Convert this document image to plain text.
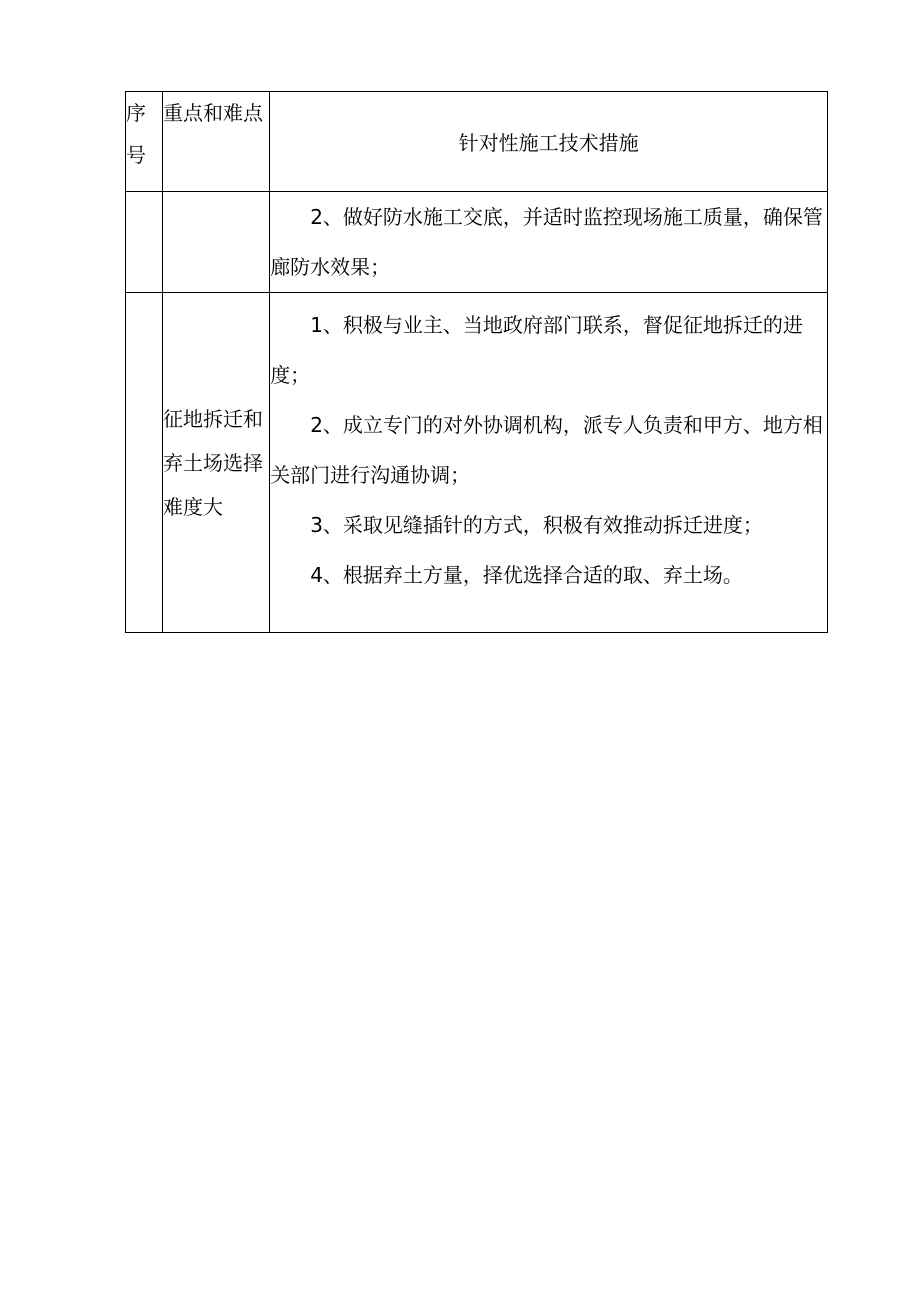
序号	重点和难点	针对性施工技术措施

		2、做好防水施工交底，并适时监控现场施工质量，确保管廊防水效果；

	征地拆迁和弃土场选择难度大	1、积极与业主、当地政府部门联系，督促征地拆迁的进度；

2、成立专门的对外协调机构，派专人负责和甲方、地方相关部门进行沟通协调；

3、采取见缝插针的方式，积极有效推动拆迁进度；

4、根据弃土方量，择优选择合适的取、弃土场。
